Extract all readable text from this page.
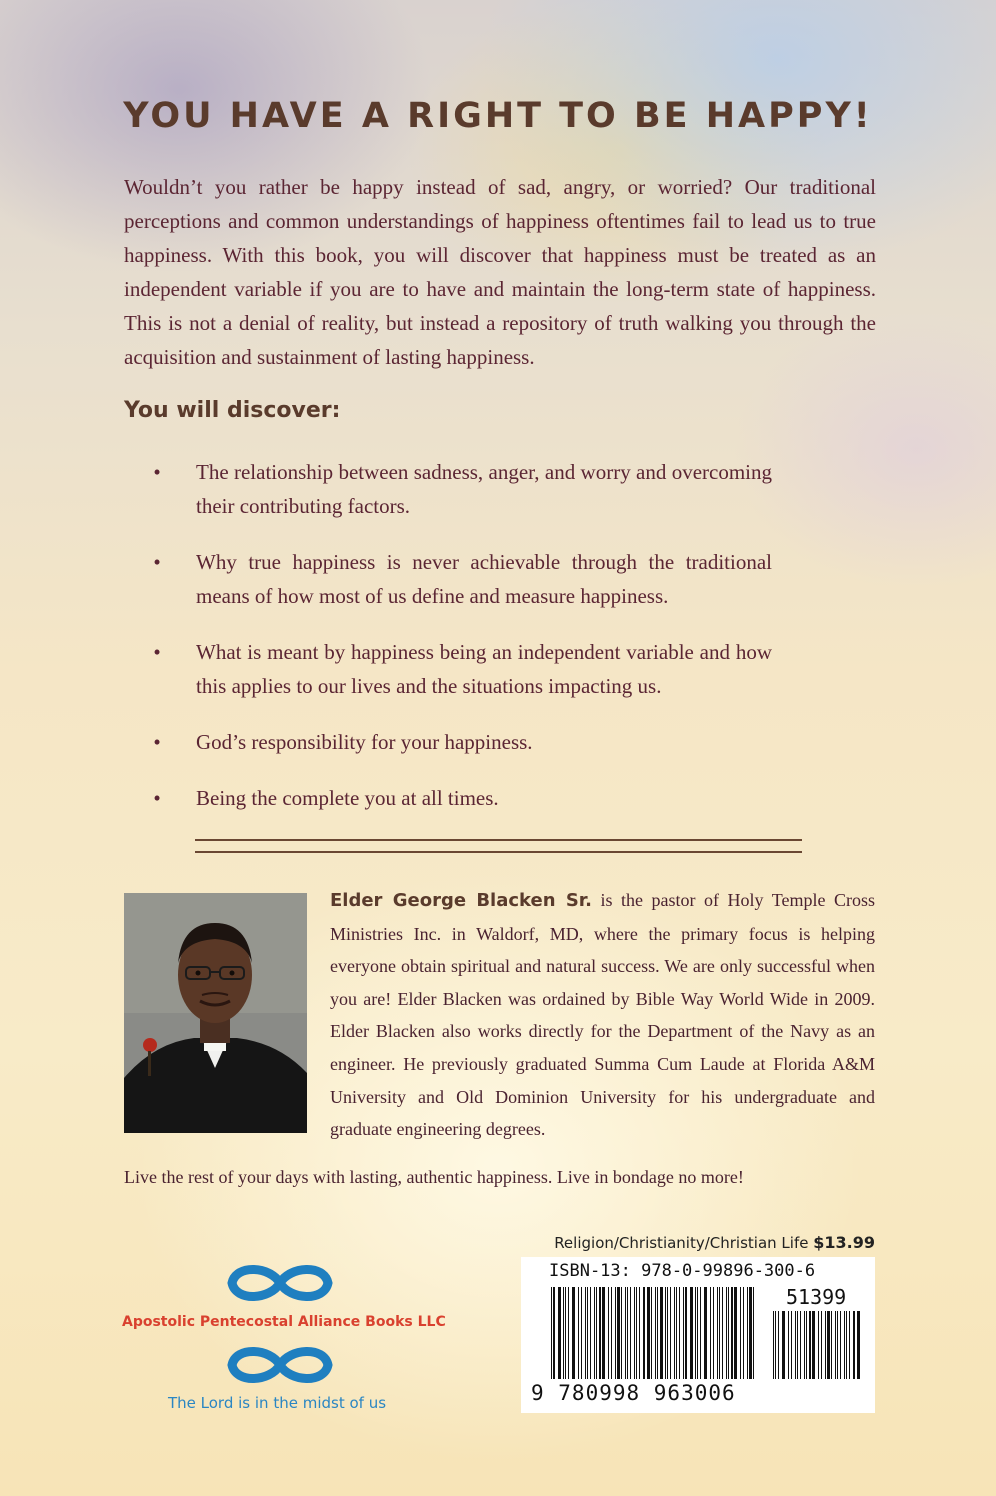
YOU HAVE A RIGHT TO BE HAPPY!
Wouldn’t you rather be happy instead of sad, angry, or worried? Our traditional perceptions and common understandings of happiness oftentimes fail to lead us to true happiness. With this book, you will discover that happiness must be treated as an independent variable if you are to have and maintain the long-term state of happiness. This is not a denial of reality, but instead a repository of truth walking you through the acquisition and sustainment of lasting happiness.
You will discover:
• The relationship between sadness, anger, and worry and overcoming their contributing factors.
• Why true happiness is never achievable through the traditional means of how most of us define and measure happiness.
• What is meant by happiness being an independent variable and how this applies to our lives and the situations impacting us.
• God’s responsibility for your happiness.
• Being the complete you at all times.
Elder George Blacken Sr. is the pastor of Holy Temple Cross Ministries Inc. in Waldorf, MD, where the primary focus is helping everyone obtain spiritual and natural success. We are only successful when you are! Elder Blacken was ordained by Bible Way World Wide in 2009. Elder Blacken also works directly for the Department of the Navy as an engineer. He previously graduated Summa Cum Laude at Florida A&M University and Old Dominion University for his undergraduate and graduate engineering degrees.
Live the rest of your days with lasting, authentic happiness. Live in bondage no more!
Apostolic Pentecostal Alliance Books LLC
The Lord is in the midst of us
Religion/Christianity/Christian Life $13.99
ISBN-13: 978-0-99896-300-6
51399
9 780998 963006
